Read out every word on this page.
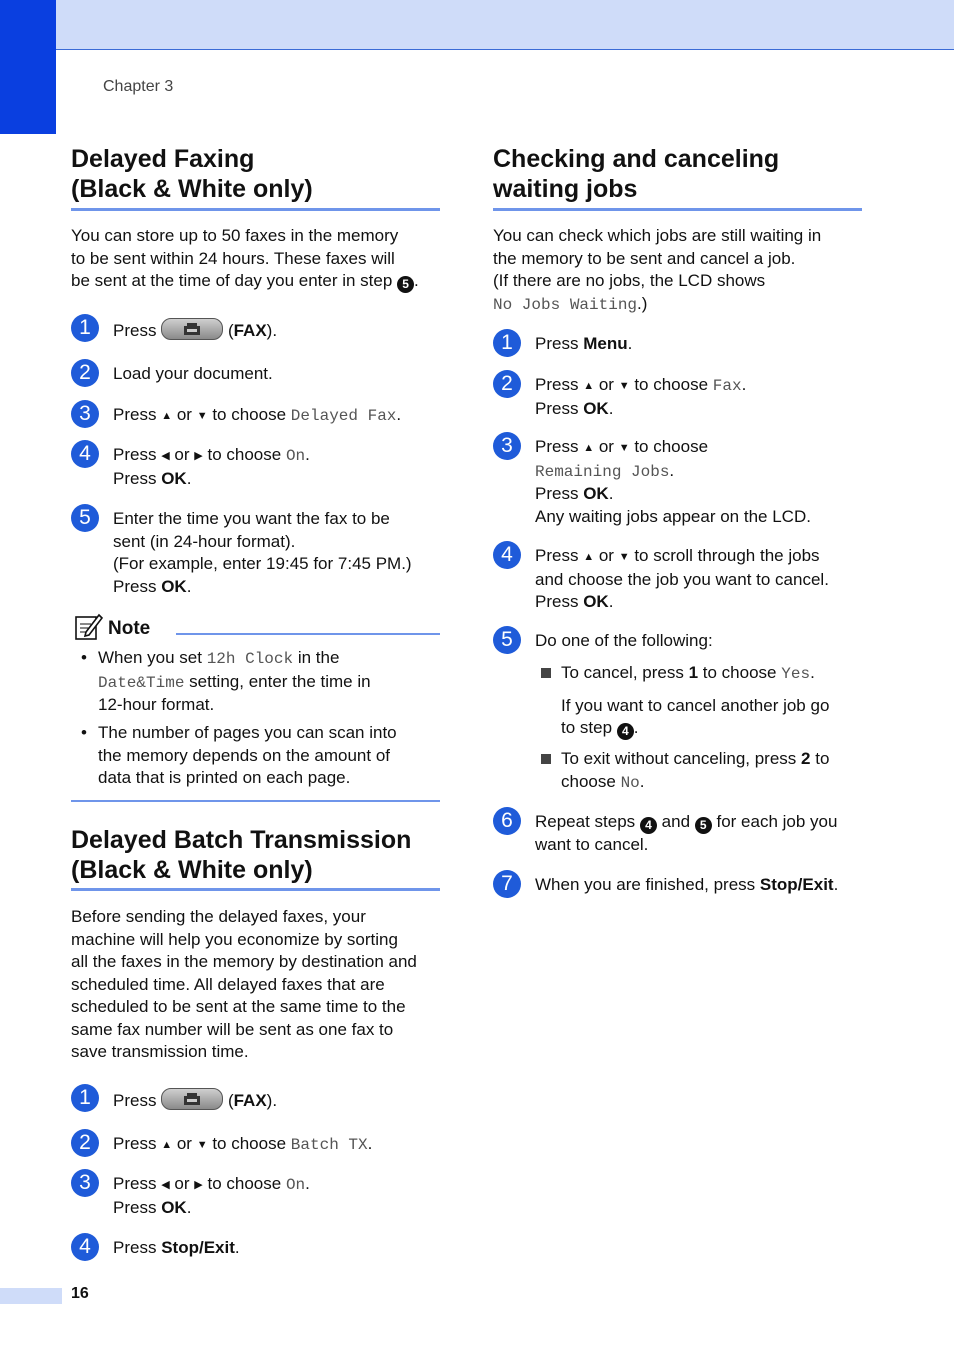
Chapter 3
Delayed Faxing
(Black & White only)

You can store up to 50 faxes in the memory
to be sent within 24 hours. These faxes will
be sent at the time of day you enter in step 5 .

1	Press	(FAX).
2	Load your document.
3	Press ▲ or ▼ to choose Delayed Fax.
4	Press ◀ or ▶ to choose On.
Press OK.
5	Enter the time you want the fax to be
sent (in 24-hour format).
(For example, enter 19:45 for 7:45 PM.)
Press OK.
Note
• When you set 12h Clock in the
Date&Time setting, enter the time in
12-hour format.
• The number of pages you can scan into
the memory depends on the amount of
data that is printed on each page.
Delayed Batch Transmission
(Black & White only)

Before sending the delayed faxes, your
machine will help you economize by sorting
all the faxes in the memory by destination and
scheduled time. All delayed faxes that are
scheduled to be sent at the same time to the
same fax number will be sent as one fax to
save transmission time.

1	Press	(FAX).
2	Press ▲ or ▼ to choose Batch TX.
3	Press ◀ or ▶ to choose On.
Press OK.
4	Press Stop/Exit.
Checking and canceling
waiting jobs

You can check which jobs are still waiting in
the memory to be sent and cancel a job.
(If there are no jobs, the LCD shows
No Jobs Waiting.)

1	Press Menu.
2	Press ▲ or ▼ to choose Fax.
Press OK.
3	Press ▲ or ▼ to choose
Remaining Jobs.
Press OK.
Any waiting jobs appear on the LCD.
4	Press ▲ or ▼ to scroll through the jobs
and choose the job you want to cancel.
Press OK.
5	Do one of the following:
To cancel, press 1 to choose Yes.
If you want to cancel another job go
to step 4 .
To exit without canceling, press 2 to
choose No.
6	Repeat steps 4 and 5 for each job you
want to cancel.
7	When you are finished, press Stop/Exit.
16
